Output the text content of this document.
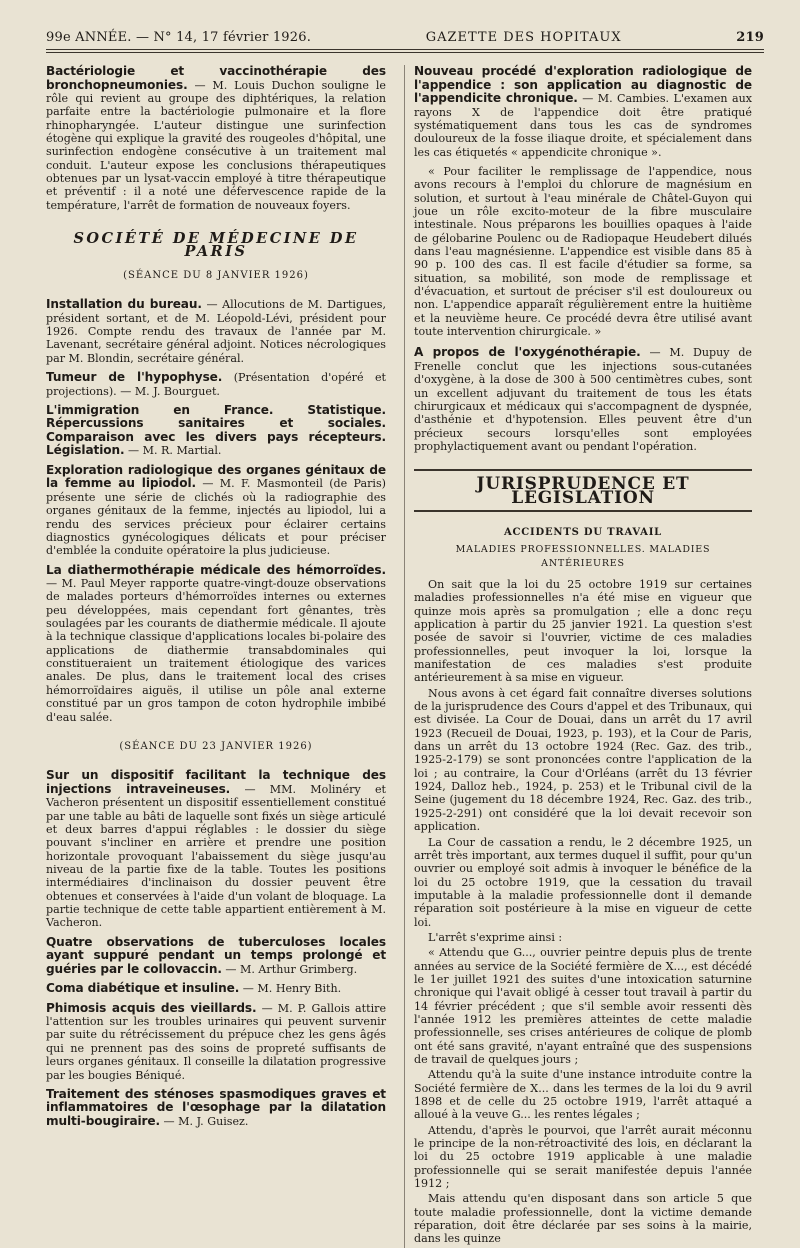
99e ANNÉE. — N° 14, 17 février 1926.	GAZETTE DES HOPITAUX	219
Bactériologie et vaccinothérapie des bronchopneumonies. — M. Louis Duchon souligne le rôle qui revient au groupe des diphtériques, la relation parfaite entre la bactériologie pulmonaire et la flore rhinopharyngée. L'auteur distingue une surinfection étogène qui explique la gravité des rougeoles d'hôpital, une surinfection endogène consécutive à un traitement mal conduit. L'auteur expose les conclusions thérapeutiques obtenues par un lysat-vaccin employé à titre thérapeutique et préventif : il a noté une défervescence rapide de la température, l'arrêt de formation de nouveaux foyers.
SOCIÉTÉ DE MÉDECINE DE PARIS
(SÉANCE DU 8 JANVIER 1926)
Installation du bureau. — Allocutions de M. Dartigues, président sortant, et de M. Léopold-Lévi, président pour 1926. Compte rendu des travaux de l'année par M. Lavenant, secrétaire général adjoint. Notices nécrologiques par M. Blondin, secrétaire général.
Tumeur de l'hypophyse. (Présentation d'opéré et projections). — M. J. Bourguet.
L'immigration en France. Statistique. Répercussions sanitaires et sociales. Comparaison avec les divers pays récepteurs. Législation. — M. R. Martial.
Exploration radiologique des organes génitaux de la femme au lipiodol. — M. F. Masmonteil (de Paris) présente une série de clichés où la radiographie des organes génitaux de la femme, injectés au lipiodol, lui a rendu des services précieux pour éclairer certains diagnostics gynécologiques délicats et pour préciser d'emblée la conduite opératoire la plus judicieuse.
La diathermothérapie médicale des hémorroïdes. — M. Paul Meyer rapporte quatre-vingt-douze observations de malades porteurs d'hémorroïdes internes ou externes peu développées, mais cependant fort gênantes, très soulagées par les courants de diathermie médicale. Il ajoute à la technique classique d'applications locales bi-polaire des applications de diathermie transabdominales qui constitueraient un traitement étiologique des varices anales. De plus, dans le traitement local des crises hémorroïdaires aiguës, il utilise un pôle anal externe constitué par un gros tampon de coton hydrophile imbibé d'eau salée.
(SÉANCE DU 23 JANVIER 1926)
Sur un dispositif facilitant la technique des injections intraveineuses. — MM. Molinéry et Vacheron présentent un dispositif essentiellement constitué par une table au bâti de laquelle sont fixés un siège articulé et deux barres d'appui réglables : le dossier du siège pouvant s'incliner en arrière et prendre une position horizontale provoquant l'abaissement du siège jusqu'au niveau de la partie fixe de la table. Toutes les positions intermédiaires d'inclinaison du dossier peuvent être obtenues et conservées à l'aide d'un volant de bloquage. La partie technique de cette table appartient entièrement à M. Vacheron.
Quatre observations de tuberculoses locales ayant suppuré pendant un temps prolongé et guéries par le collovaccin. — M. Arthur Grimberg.
Coma diabétique et insuline. — M. Henry Bith.
Phimosis acquis des vieillards. — M. P. Gallois attire l'attention sur les troubles urinaires qui peuvent survenir par suite du rétrécissement du prépuce chez les gens âgés qui ne prennent pas des soins de propreté suffisants de leurs organes génitaux. Il conseille la dilatation progressive par les bougies Béniqué.
Traitement des sténoses spasmodiques graves et inflammatoires de l'œsophage par la dilatation multi-bougiraire. — M. J. Guisez.
Nouveau procédé d'exploration radiologique de l'appendice : son application au diagnostic de l'appendicite chronique. — M. Cambies. L'examen aux rayons X de l'appendice doit être pratiqué systématiquement dans tous les cas de syndromes douloureux de la fosse iliaque droite, et spécialement dans les cas étiquetés « appendicite chronique ».
« Pour faciliter le remplissage de l'appendice, nous avons recours à l'emploi du chlorure de magnésium en solution, et surtout à l'eau minérale de Châtel-Guyon qui joue un rôle excito-moteur de la fibre musculaire intestinale. Nous préparons les bouillies opaques à l'aide de gélobarine Poulenc ou de Radiopaque Heudebert dilués dans l'eau magnésienne. L'appendice est visible dans 85 à 90 p. 100 des cas. Il est facile d'étudier sa forme, sa situation, sa mobilité, son mode de remplissage et d'évacuation, et surtout de préciser s'il est douloureux ou non. L'appendice apparaît régulièrement entre la huitième et la neuvième heure. Ce procédé devra être utilisé avant toute intervention chirurgicale. »
A propos de l'oxygénothérapie. — M. Dupuy de Frenelle conclut que les injections sous-cutanées d'oxygène, à la dose de 300 à 500 centimètres cubes, sont un excellent adjuvant du traitement de tous les états chirurgicaux et médicaux qui s'accompagnent de dyspnée, d'asthénie et d'hypotension. Elles peuvent être d'un précieux secours lorsqu'elles sont employées prophylactiquement avant ou pendant l'opération.
JURISPRUDENCE ET LÉGISLATION
ACCIDENTS DU TRAVAIL
MALADIES PROFESSIONNELLES. MALADIES ANTÉRIEURES
On sait que la loi du 25 octobre 1919 sur certaines maladies professionnelles n'a été mise en vigueur que quinze mois après sa promulgation ; elle a donc reçu application à partir du 25 janvier 1921. La question s'est posée de savoir si l'ouvrier, victime de ces maladies professionnelles, peut invoquer la loi, lorsque la manifestation de ces maladies s'est produite antérieurement à sa mise en vigueur.
Nous avons à cet égard fait connaître diverses solutions de la jurisprudence des Cours d'appel et des Tribunaux, qui est divisée. La Cour de Douai, dans un arrêt du 17 avril 1923 (Recueil de Douai, 1923, p. 193), et la Cour de Paris, dans un arrêt du 13 octobre 1924 (Rec. Gaz. des trib., 1925-2-179) se sont prononcées contre l'application de la loi ; au contraire, la Cour d'Orléans (arrêt du 13 février 1924, Dalloz heb., 1924, p. 253) et le Tribunal civil de la Seine (jugement du 18 décembre 1924, Rec. Gaz. des trib., 1925-2-291) ont considéré que la loi devait recevoir son application.
La Cour de cassation a rendu, le 2 décembre 1925, un arrêt très important, aux termes duquel il suffit, pour qu'un ouvrier ou employé soit admis à invoquer le bénéfice de la loi du 25 octobre 1919, que la cessation du travail imputable à la maladie professionnelle dont il demande réparation soit postérieure à la mise en vigueur de cette loi.
L'arrêt s'exprime ainsi :
« Attendu que G..., ouvrier peintre depuis plus de trente années au service de la Société fermière de X..., est décédé le 1er juillet 1921 des suites d'une intoxication saturnine chronique qui l'avait obligé à cesser tout travail à partir du 14 février précédent ; que s'il semble avoir ressenti dès l'année 1912 les premières atteintes de cette maladie professionnelle, ses crises antérieures de colique de plomb ont été sans gravité, n'ayant entraîné que des suspensions de travail de quelques jours ;
Attendu qu'à la suite d'une instance introduite contre la Société fermière de X... dans les termes de la loi du 9 avril 1898 et de celle du 25 octobre 1919, l'arrêt attaqué a alloué à la veuve G... les rentes légales ;
Attendu, d'après le pourvoi, que l'arrêt aurait méconnu le principe de la non-rétroactivité des lois, en déclarant la loi du 25 octobre 1919 applicable à une maladie professionnelle qui se serait manifestée depuis l'année 1912 ;
Mais attendu qu'en disposant dans son article 5 que toute maladie professionnelle, dont la victime demande réparation, doit être déclarée par ses soins à la mairie, dans les quinze
